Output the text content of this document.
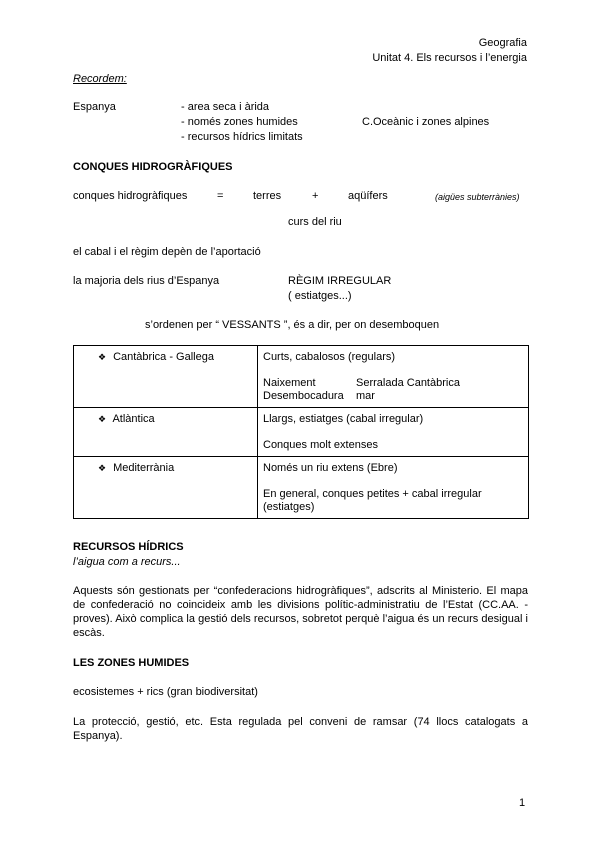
Geografia
Unitat 4. Els recursos i l’energia
Recordem:
Espanya	- area seca i àrida
- només zones humides
- recursos hídrics limitats
C.Oceànic i zones alpines
CONQUES HIDROGRÀFIQUES
conques hidrogràfiques	=	terres	+	aqüífers	(aigües subterrànies)
curs del riu
el cabal i el règim depèn de l’aportació
la majoria dels rius d’Espanya	RÈGIM IRREGULAR
( estiatges...)
s’ordenen per “ VESSANTS ”, és a dir, per on desemboquen
❖ Cantàbrica - Gallega	Curts, cabalosos (regulars)
Naixement Serralada Cantàbrica
Desembocadura mar

❖ Atlàntica	Llargs, estiatges (cabal irregular)
Conques molt extenses

❖ Mediterrània	Només un riu extens (Ebre)
En general, conques petites + cabal irregular (estiatges)
RECURSOS HÍDRICS
l’aigua com a recurs...
Aquests són gestionats per “confederacions hidrogràfiques”, adscrits al Ministerio. El mapa de confederació no coincideix amb les divisions polític-administratiu de l’Estat (CC.AA. - proves). Això complica la gestió dels recursos, sobretot perquè l’aigua és un recurs desigual i escàs.
LES ZONES HUMIDES
ecosistemes + rics (gran biodiversitat)
La protecció, gestió, etc. Esta regulada pel conveni de ramsar (74 llocs catalogats a Espanya).
1
